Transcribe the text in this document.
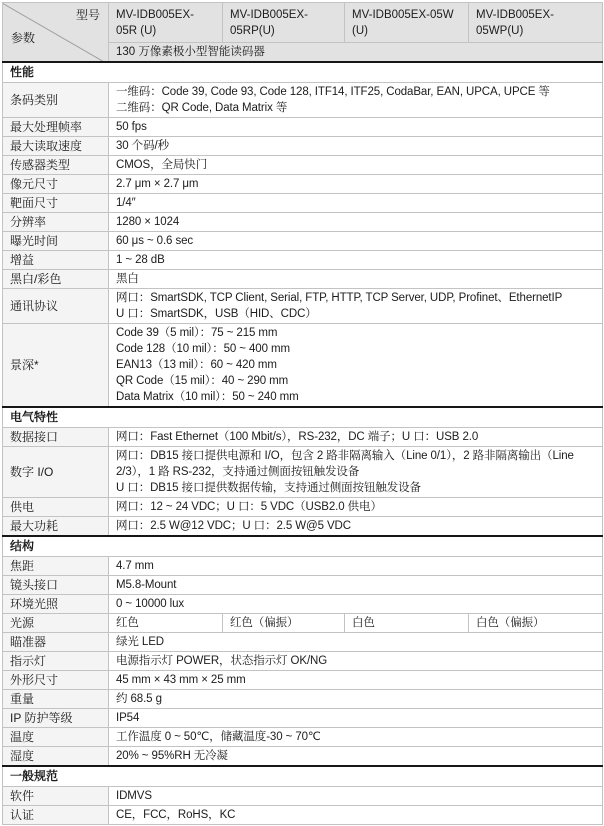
型号
参数	MV-IDB005EX-05R (U)	MV-IDB005EX-05RP(U)	MV-IDB005EX-05W (U)	MV-IDB005EX-05WP(U)
	130 万像素极小型智能读码器			
性能				
条码类别	一维码：Code 39, Code 93, Code 128, ITF14, ITF25, CodaBar, EAN, UPCA, UPCE 等
二维码：QR Code, Data Matrix 等			

最大处理帧率	50 fps			

最大读取速度	30 个码/秒			

传感器类型	CMOS，全局快门			

像元尺寸	2.7 μm × 2.7 μm			

靶面尺寸	1/4″			

分辨率	1280 × 1024			

曝光时间	60 μs ~ 0.6 sec			

增益	1 ~ 28 dB			

黑白/彩色	黑白			

通讯协议	网口：SmartSDK, TCP Client, Serial, FTP, HTTP, TCP Server, UDP, Profinet、EthernetIP
U 口：SmartSDK，USB（HID、CDC）			

景深*	Code 39（5 mil）：75 ~ 215 mm
Code 128（10 mil）：50 ~ 400 mm
EAN13（13 mil）：60 ~ 420 mm
QR Code（15 mil）：40 ~ 290 mm
Data Matrix（10 mil）：50 ~ 240 mm			

电气特性				
数据接口	网口：Fast Ethernet（100 Mbit/s），RS-232，DC 端子；U 口：USB 2.0			

数字 I/O	网口：DB15 接口提供电源和 I/O，包含 2 路非隔离输入（Line 0/1），2 路非隔离输出（Line
2/3），1 路 RS-232，支持通过侧面按钮触发设备
U 口：DB15 接口提供数据传输，支持通过侧面按钮触发设备			

供电	网口：12 ~ 24 VDC；U 口：5 VDC（USB2.0 供电）			

最大功耗	网口：2.5 W@12 VDC；U 口：2.5 W@5 VDC			

结构				
焦距	4.7 mm			

镜头接口	M5.8-Mount			

环境光照	0 ~ 10000 lux			

光源	红色	红色（偏振）	白色	白色（偏振）

瞄准器	绿光 LED			

指示灯	电源指示灯 POWER，状态指示灯 OK/NG			

外形尺寸	45 mm × 43 mm × 25 mm			

重量	约 68.5 g			

IP 防护等级	IP54			

温度	工作温度 0 ~ 50℃，储藏温度-30 ~ 70℃			

湿度	20% ~ 95%RH 无冷凝			

一般规范				
软件	IDMVS			

认证	CE，FCC，RoHS，KC			
